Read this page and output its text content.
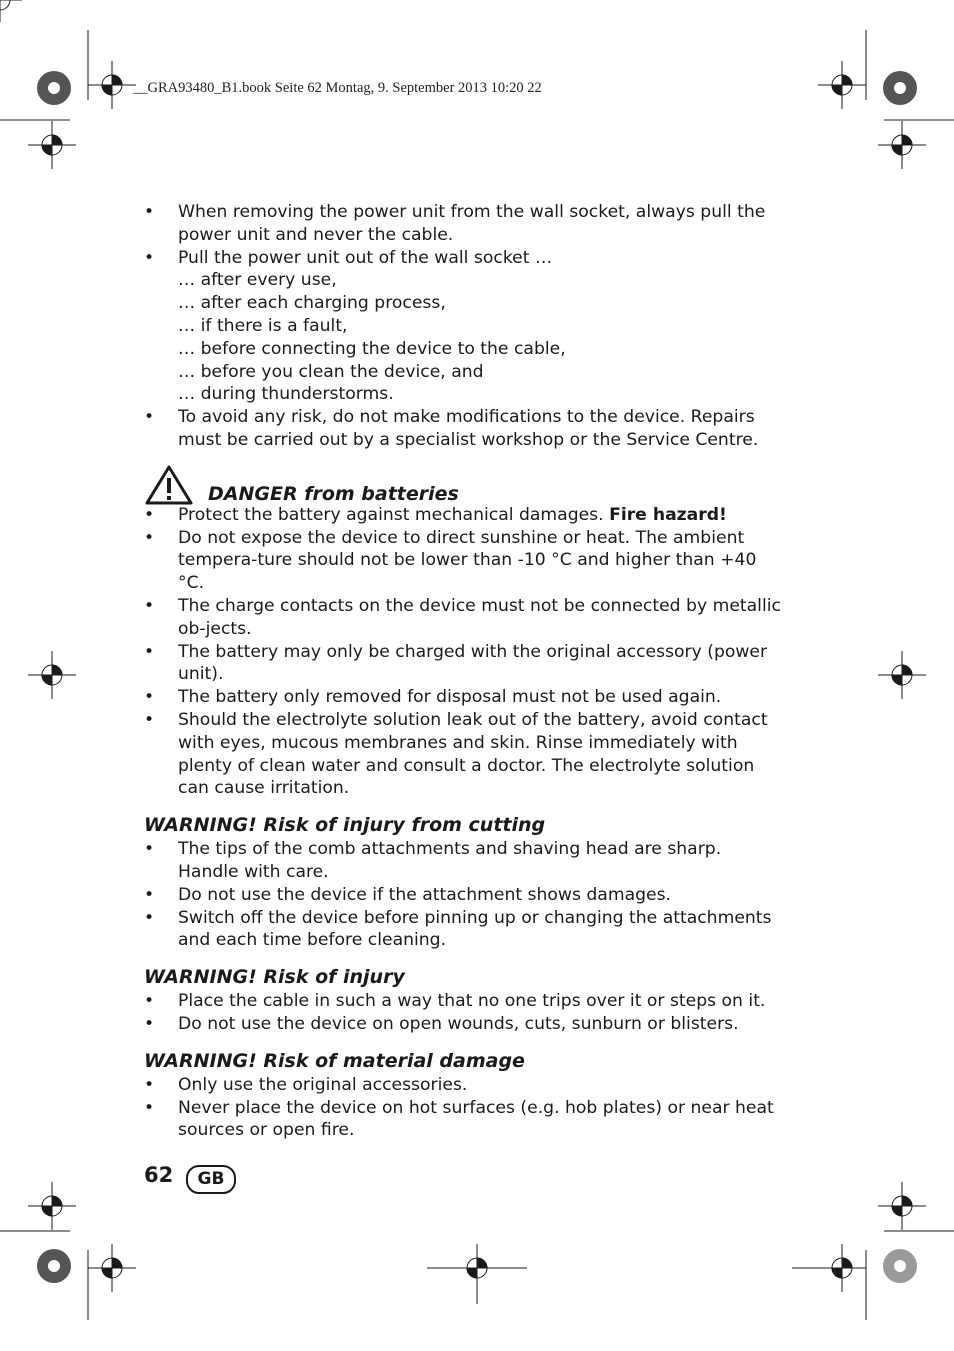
__GRA93480_B1.book Seite 62 Montag, 9. September 2013 10:20 22
• When removing the power unit from the wall socket, always pull the power unit and never the cable.
• Pull the power unit out of the wall socket …
… after every use,
… after each charging process,
… if there is a fault,
… before connecting the device to the cable,
… before you clean the device, and
… during thunderstorms.
• To avoid any risk, do not make modifications to the device. Repairs must be carried out by a specialist workshop or the Service Centre.
DANGER from batteries
• Protect the battery against mechanical damages. Fire hazard!
• Do not expose the device to direct sunshine or heat. The ambient tempera-ture should not be lower than -10 °C and higher than +40 °C.
• The charge contacts on the device must not be connected by metallic ob-jects.
• The battery may only be charged with the original accessory (power unit).
• The battery only removed for disposal must not be used again.
• Should the electrolyte solution leak out of the battery, avoid contact with eyes, mucous membranes and skin. Rinse immediately with plenty of clean water and consult a doctor. The electrolyte solution can cause irritation.
WARNING! Risk of injury from cutting
• The tips of the comb attachments and shaving head are sharp. Handle with care.
• Do not use the device if the attachment shows damages.
• Switch off the device before pinning up or changing the attachments and each time before cleaning.
WARNING! Risk of injury
• Place the cable in such a way that no one trips over it or steps on it.
• Do not use the device on open wounds, cuts, sunburn or blisters.
WARNING! Risk of material damage
• Only use the original accessories.
• Never place the device on hot surfaces (e.g. hob plates) or near heat sources or open fire.
62	GB
